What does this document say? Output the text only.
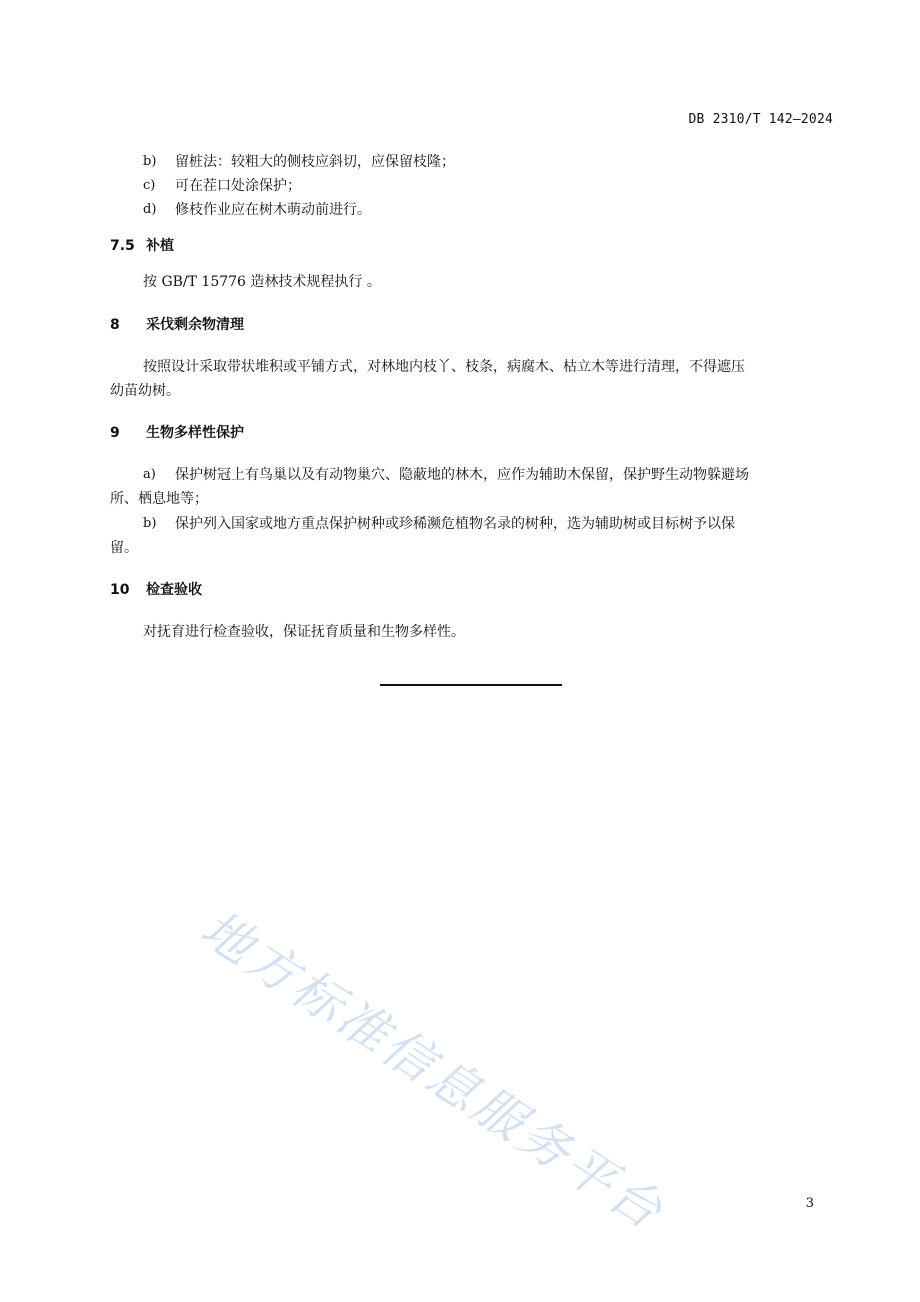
DB 2310/T 142—2024

b) 留桩法：较粗大的侧枝应斜切，应保留枝隆；
c) 可在茬口处涂保护；
d) 修枝作业应在树木萌动前进行。
7.5 补植

按 GB/T 15776 造林技术规程执行 。

8 采伐剩余物清理

按照设计采取带状堆积或平铺方式，对林地内枝丫、枝条，病腐木、枯立木等进行清理，不得遮压

幼苗幼树。

9 生物多样性保护
a) 保护树冠上有鸟巢以及有动物巢穴、隐蔽地的林木，应作为辅助木保留，保护野生动物躲避场

所、栖息地等；

b) 保护列入国家或地方重点保护树种或珍稀濒危植物名录的树种，选为辅助树或目标树予以保

留。

10 检查验收

对抚育进行检查验收，保证抚育质量和生物多样性。

地方标准信息服务平台	3
